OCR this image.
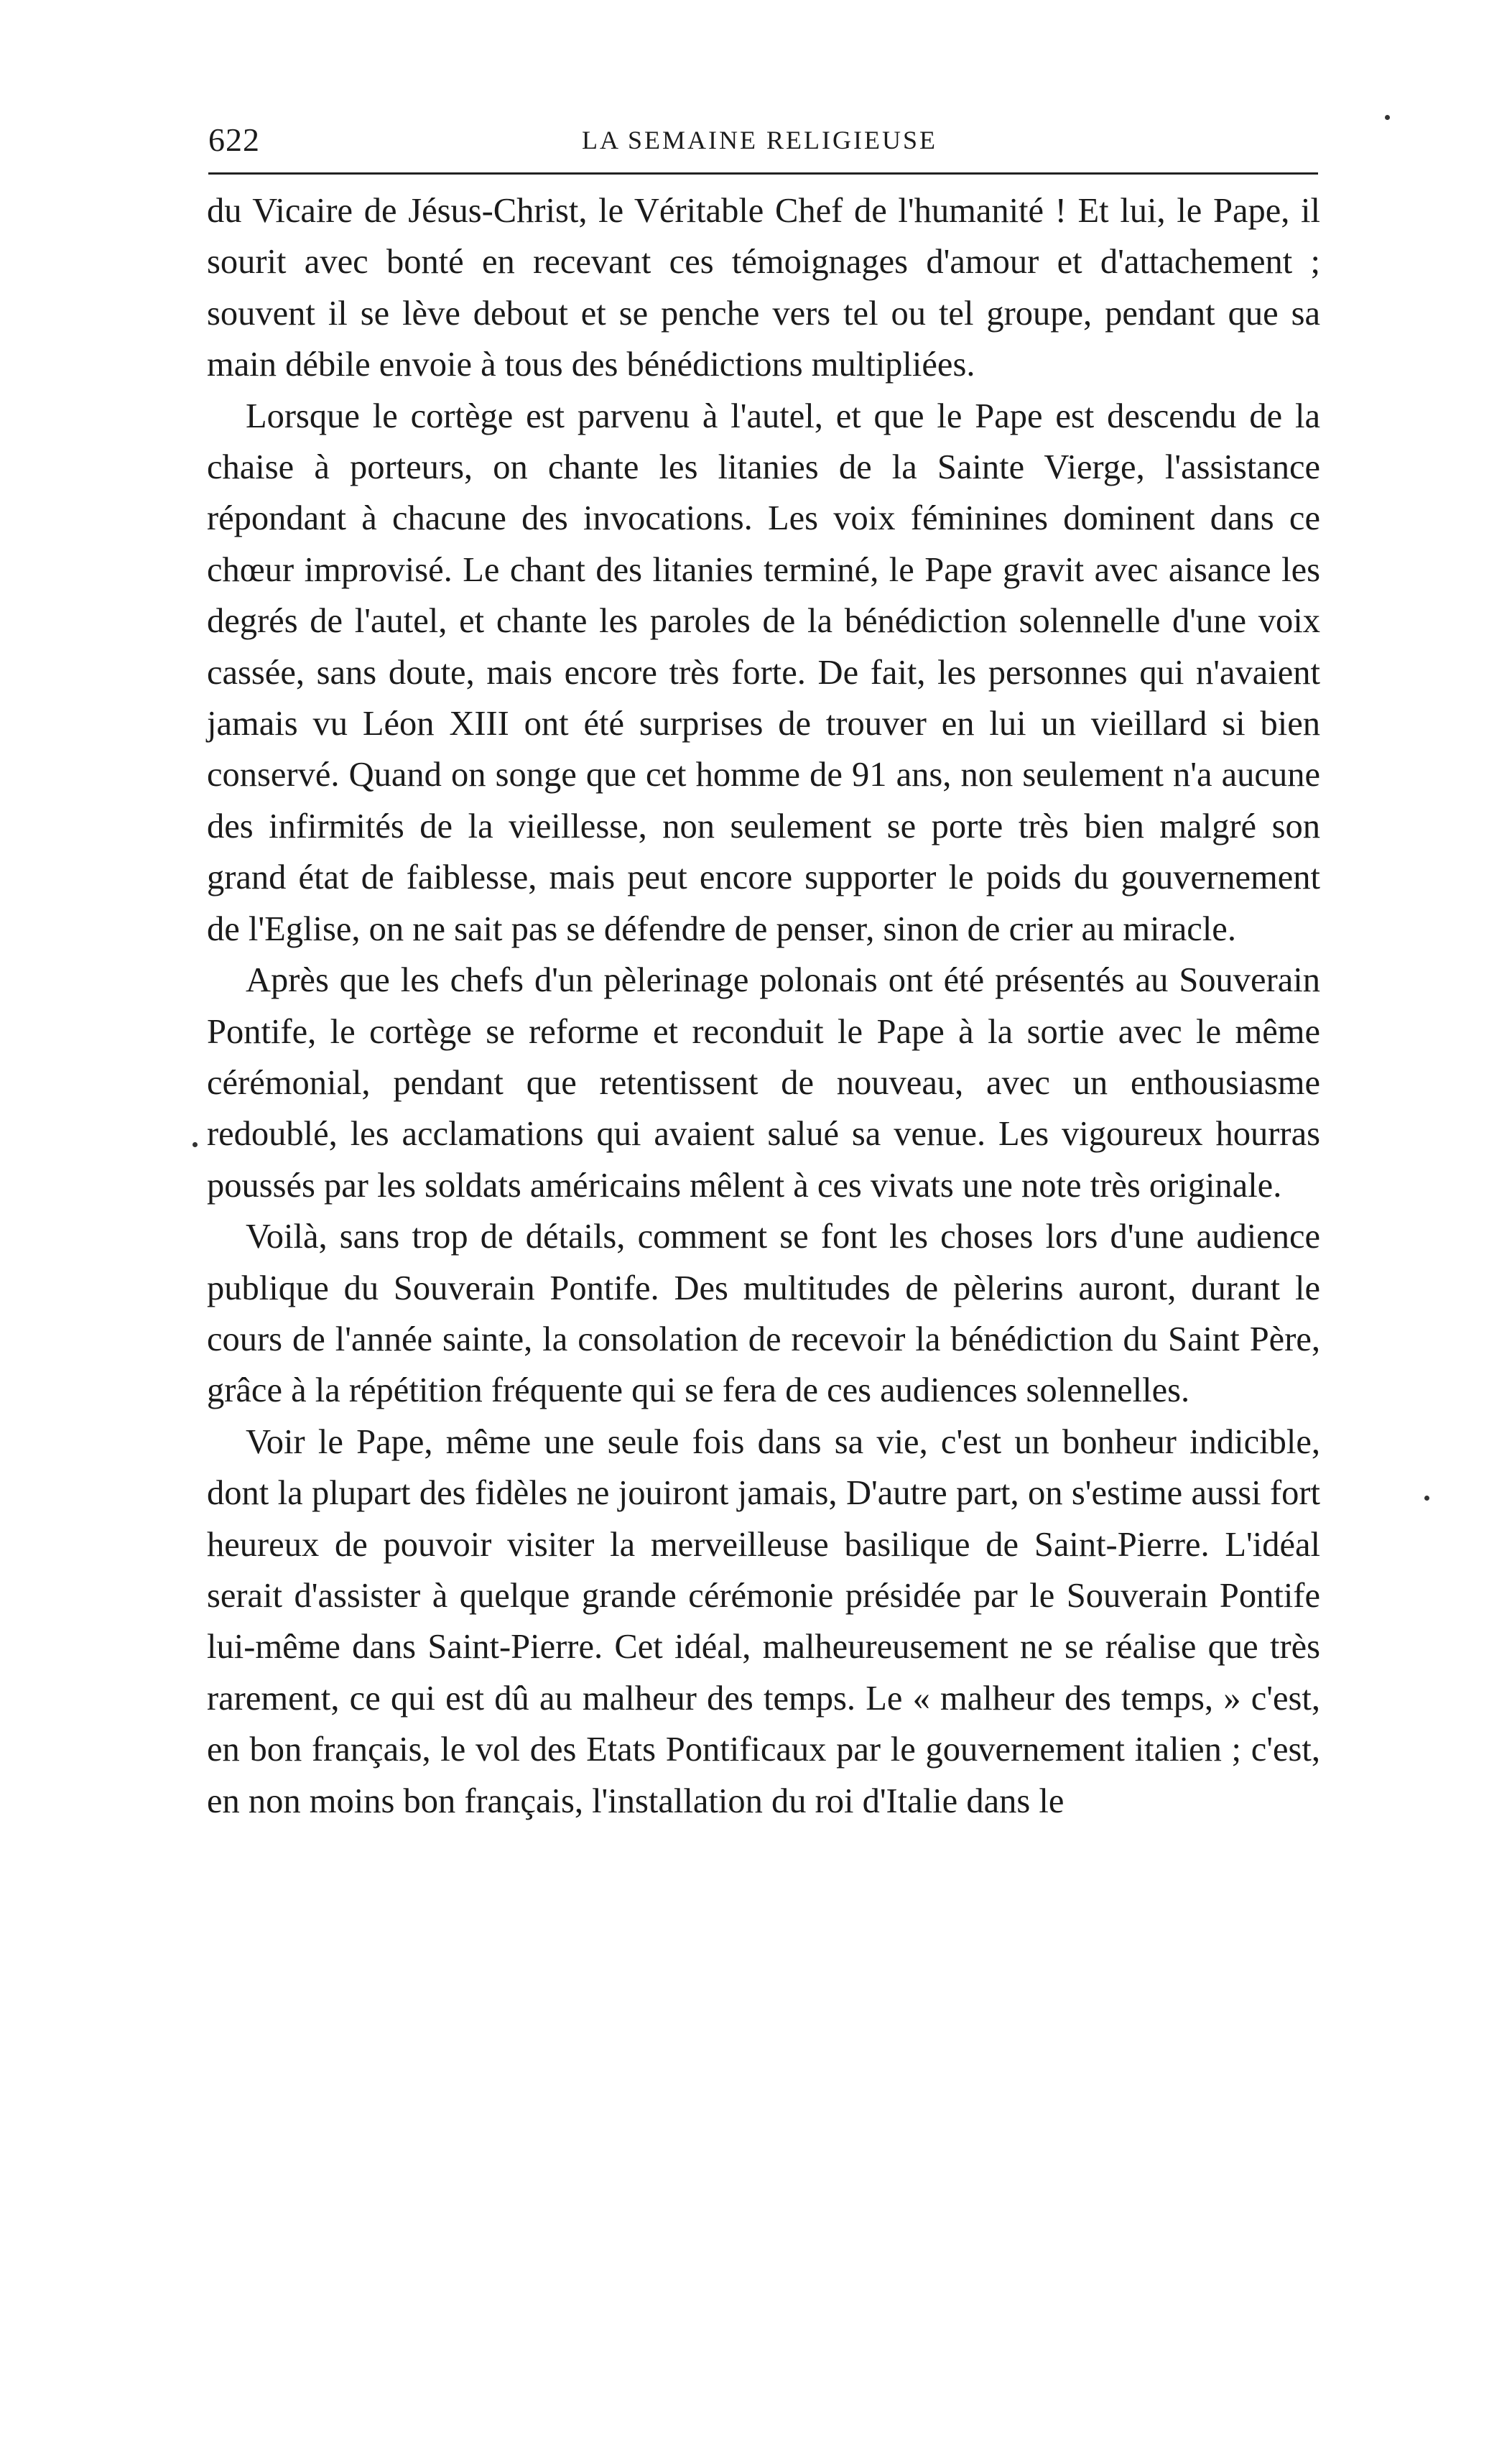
622	LA SEMAINE RELIGIEUSE

du Vicaire de Jésus-Christ, le Véritable Chef de l'humanité ! Et lui, le Pape, il sourit avec bonté en recevant ces témoignages d'amour et d'attachement ; souvent il se lève debout et se penche vers tel ou tel groupe, pendant que sa main débile envoie à tous des bénédictions multipliées.

Lorsque le cortège est parvenu à l'autel, et que le Pape est descendu de la chaise à porteurs, on chante les litanies de la Sainte Vierge, l'assistance répondant à chacune des invocations. Les voix féminines dominent dans ce chœur improvisé. Le chant des litanies terminé, le Pape gravit avec aisance les degrés de l'autel, et chante les paroles de la bénédiction solennelle d'une voix cassée, sans doute, mais encore très forte. De fait, les personnes qui n'avaient jamais vu Léon XIII ont été surprises de trouver en lui un vieillard si bien conservé. Quand on songe que cet homme de 91 ans, non seulement n'a aucune des infirmités de la vieillesse, non seulement se porte très bien malgré son grand état de faiblesse, mais peut encore supporter le poids du gouvernement de l'Eglise, on ne sait pas se défendre de penser, sinon de crier au miracle.

Après que les chefs d'un pèlerinage polonais ont été présentés au Souverain Pontife, le cortège se reforme et reconduit le Pape à la sortie avec le même cérémonial, pendant que retentissent de nouveau, avec un enthousiasme redoublé, les acclamations qui avaient salué sa venue. Les vigoureux hourras poussés par les soldats américains mêlent à ces vivats une note très originale.

Voilà, sans trop de détails, comment se font les choses lors d'une audience publique du Souverain Pontife. Des multitudes de pèlerins auront, durant le cours de l'année sainte, la consolation de recevoir la bénédiction du Saint Père, grâce à la répétition fréquente qui se fera de ces audiences solennelles.

Voir le Pape, même une seule fois dans sa vie, c'est un bonheur indicible, dont la plupart des fidèles ne jouiront jamais, D'autre part, on s'estime aussi fort heureux de pouvoir visiter la merveilleuse basilique de Saint-Pierre. L'idéal serait d'assister à quelque grande cérémonie présidée par le Souverain Pontife lui-même dans Saint-Pierre. Cet idéal, malheureusement ne se réalise que très rarement, ce qui est dû au malheur des temps. Le « malheur des temps, » c'est, en bon français, le vol des Etats Pontificaux par le gouvernement italien ; c'est, en non moins bon français, l'installation du roi d'Italie dans le
